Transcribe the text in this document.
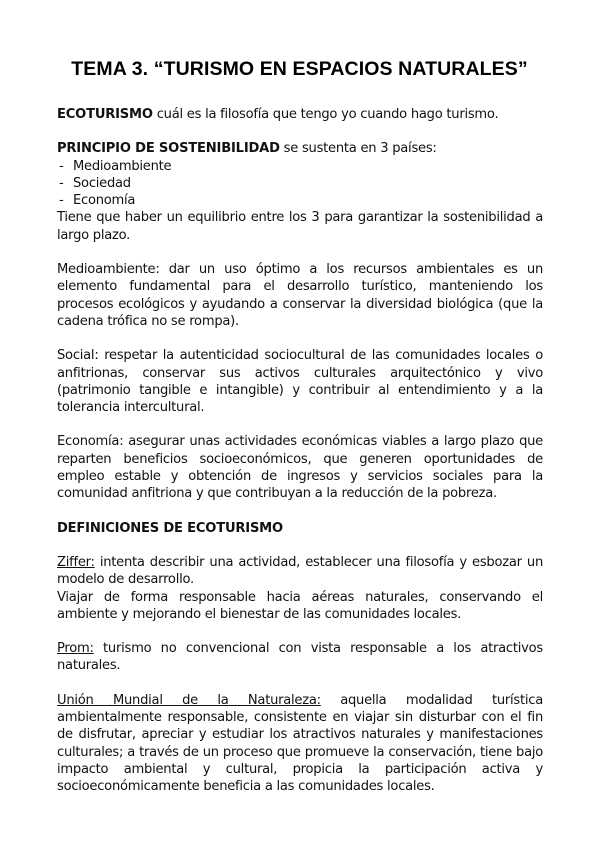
TEMA 3. “TURISMO EN ESPACIOS NATURALES”

ECOTURISMO cuál es la filosofía que tengo yo cuando hago turismo.

PRINCIPIO DE SOSTENIBILIDAD se sustenta en 3 países:

- Medioambiente
- Sociedad
- Economía

Tiene que haber un equilibrio entre los 3 para garantizar la sostenibilidad a largo plazo.

Medioambiente: dar un uso óptimo a los recursos ambientales es un elemento fundamental para el desarrollo turístico, manteniendo los procesos ecológicos y ayudando a conservar la diversidad biológica (que la cadena trófica no se rompa).

Social: respetar la autenticidad sociocultural de las comunidades locales o anfitrionas, conservar sus activos culturales arquitectónico y vivo (patrimonio tangible e intangible) y contribuir al entendimiento y a la tolerancia intercultural.

Economía: asegurar unas actividades económicas viables a largo plazo que reparten beneficios socioeconómicos, que generen oportunidades de empleo estable y obtención de ingresos y servicios sociales para la comunidad anfitriona y que contribuyan a la reducción de la pobreza.

DEFINICIONES DE ECOTURISMO

Ziffer: intenta describir una actividad, establecer una filosofía y esbozar un modelo de desarrollo.

Viajar de forma responsable hacia aéreas naturales, conservando el ambiente y mejorando el bienestar de las comunidades locales.

Prom: turismo no convencional con vista responsable a los atractivos naturales.

Unión Mundial de la Naturaleza: aquella modalidad turística ambientalmente responsable, consistente en viajar sin disturbar con el fin de disfrutar, apreciar y estudiar los atractivos naturales y manifestaciones culturales; a través de un proceso que promueve la conservación, tiene bajo impacto ambiental y cultural, propicia la participación activa y socioeconómicamente beneficia a las comunidades locales.
